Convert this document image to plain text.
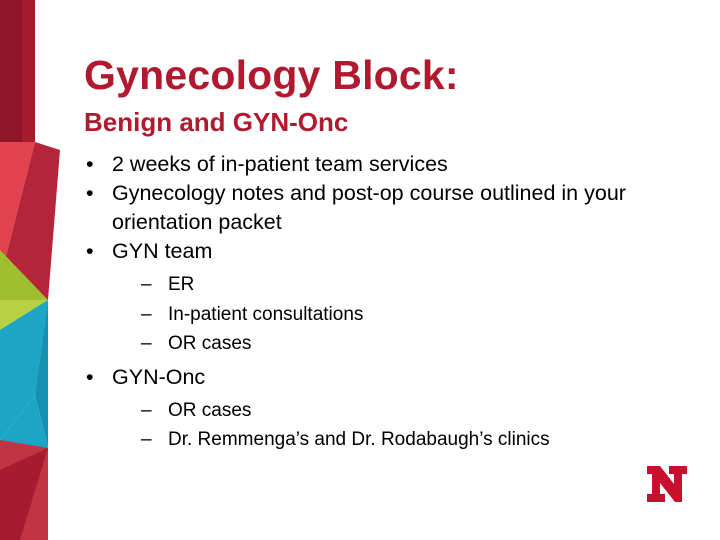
Gynecology Block:
Benign and GYN-Onc
• 2 weeks of in-patient team services
• Gynecology notes and post-op course outlined in your orientation packet
• GYN team
– ER
– In-patient consultations
– OR cases
• GYN-Onc
– OR cases
– Dr. Remmenga’s and Dr. Rodabaugh’s clinics
